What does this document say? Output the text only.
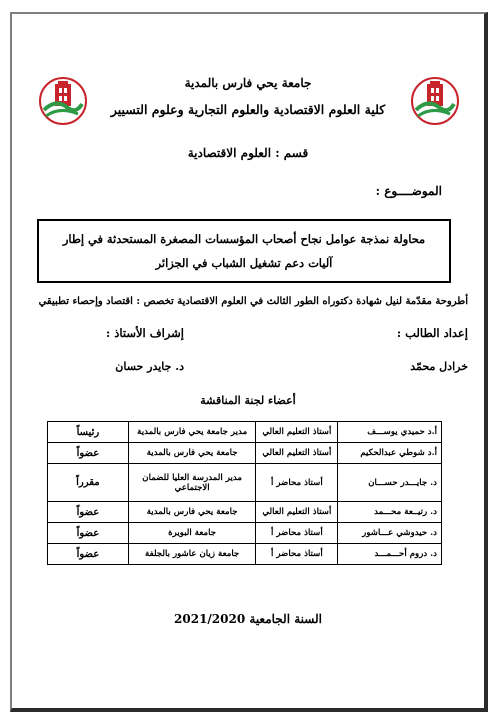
جامعة يحي فارس بالمدية
كلية العلوم الاقتصادية والعلوم التجارية وعلوم التسيير
قسم : العلوم الاقتصادية
الموضــــوع :
محاولة نمذجة عوامل نجاح أصحاب المؤسسات المصغرة المستحدثة في إطار آليات دعم تشغيل الشباب في الجزائر
أطروحة مقدّمة لنيل شهادة دكتوراه الطور الثالث في العلوم الاقتصادية تخصص : اقتصاد وإحصاء تطبيقي
إعداد الطالب :
إشراف الأستاذ :
خرادل محمّد
د. جايدر حسان
أعضاء لجنة المناقشة
أ.د حميدي يوســـف	أستاذ التعليم العالي	مدير جامعة يحي فارس بالمدية	رئيساً
أ.د شوطي عبدالحكيم	أستاذ التعليم العالي	جامعة يحي فارس بالمدية	عضواً
د. جايـــدر حســـان	أستاذ محاضر أ	مدير المدرسة العليا للضمان الاجتماعي	مقرراً
د. رتيــعة محـــمد	أستاذ التعليم العالي	جامعة يحي فارس بالمدية	عضواً
د. حيدوشي عـــاشور	أستاذ محاضر أ	جامعة البويرة	عضواً
د. دروم أحـــمـــد	أستاذ محاضر أ	جامعة زيان عاشور بالجلفة	عضواً
السنة الجامعية 2021/2020
